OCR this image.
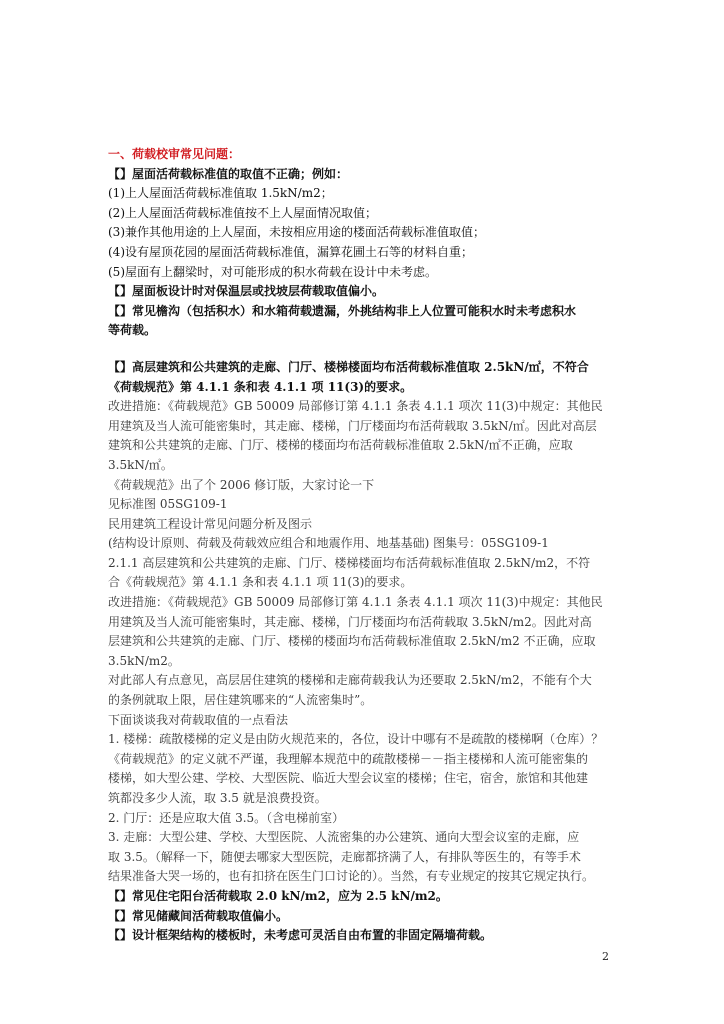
一、荷载校审常见问题：
【】屋面活荷载标准值的取值不正确；例如：
(1)上人屋面活荷载标准值取 1.5kN/m2；
(2)上人屋面活荷载标准值按不上人屋面情况取值；
(3)兼作其他用途的上人屋面，未按相应用途的楼面活荷载标准值取值；
(4)设有屋顶花园的屋面活荷载标准值，漏算花圃土石等的材料自重；
(5)屋面有上翻梁时，对可能形成的积水荷载在设计中未考虑。
【】屋面板设计时对保温层或找坡层荷载取值偏小。
【】常见檐沟（包括积水）和水箱荷载遗漏，外挑结构非上人位置可能积水时未考虑积水
等荷载。
【】高层建筑和公共建筑的走廊、门厅、楼梯楼面均布活荷载标准值取 2.5kN/㎡，不符合
《荷载规范》第 4.1.1 条和表 4.1.1 项 11(3)的要求。
改进措施：《荷载规范》GB 50009 局部修订第 4.1.1 条表 4.1.1 项次 11(3)中规定：其他民
用建筑及当人流可能密集时，其走廊、楼梯，门厅楼面均布活荷载取 3.5kN/㎡。因此对高层
建筑和公共建筑的走廊、门厅、楼梯的楼面均布活荷载标准值取 2.5kN/㎡不正确，应取
3.5kN/㎡。
《荷载规范》出了个 2006 修订版，大家讨论一下
见标准图 05SG109-1
民用建筑工程设计常见问题分析及图示
(结构设计原则、荷载及荷载效应组合和地震作用、地基基础) 图集号：05SG109-1
2.1.1 高层建筑和公共建筑的走廊、门厅、楼梯楼面均布活荷载标准值取 2.5kN/m2，不符
合《荷载规范》第 4.1.1 条和表 4.1.1 项 11(3)的要求。
改进措施：《荷载规范》GB 50009 局部修订第 4.1.1 条表 4.1.1 项次 11(3)中规定：其他民
用建筑及当人流可能密集时，其走廊、楼梯，门厅楼面均布活荷载取 3.5kN/m2。因此对高
层建筑和公共建筑的走廊、门厅、楼梯的楼面均布活荷载标准值取 2.5kN/m2 不正确，应取
3.5kN/m2。
对此部人有点意见，高层居住建筑的楼梯和走廊荷载我认为还要取 2.5kN/m2，不能有个大
的条例就取上限，居住建筑哪来的“人流密集时”。
下面谈谈我对荷载取值的一点看法
1. 楼梯：疏散楼梯的定义是由防火规范来的，各位，设计中哪有不是疏散的楼梯啊（仓库）？
《荷载规范》的定义就不严谨，我理解本规范中的疏散楼梯－－指主楼梯和人流可能密集的
楼梯，如大型公建、学校、大型医院、临近大型会议室的楼梯；住宅，宿舍，旅馆和其他建
筑都没多少人流，取 3.5 就是浪费投资。
2. 门厅：还是应取大值 3.5。（含电梯前室）
3. 走廊：大型公建、学校、大型医院、人流密集的办公建筑、通向大型会议室的走廊，应
取 3.5。（解释一下，随便去哪家大型医院，走廊都挤满了人，有排队等医生的，有等手术
结果准备大哭一场的，也有扣挤在医生门口讨论的）。当然，有专业规定的按其它规定执行。
【】常见住宅阳台活荷载取 2.0 kN/m2，应为 2.5 kN/m2。
【】常见储藏间活荷载取值偏小。
【】设计框架结构的楼板时，未考虑可灵活自由布置的非固定隔墙荷载。
2
